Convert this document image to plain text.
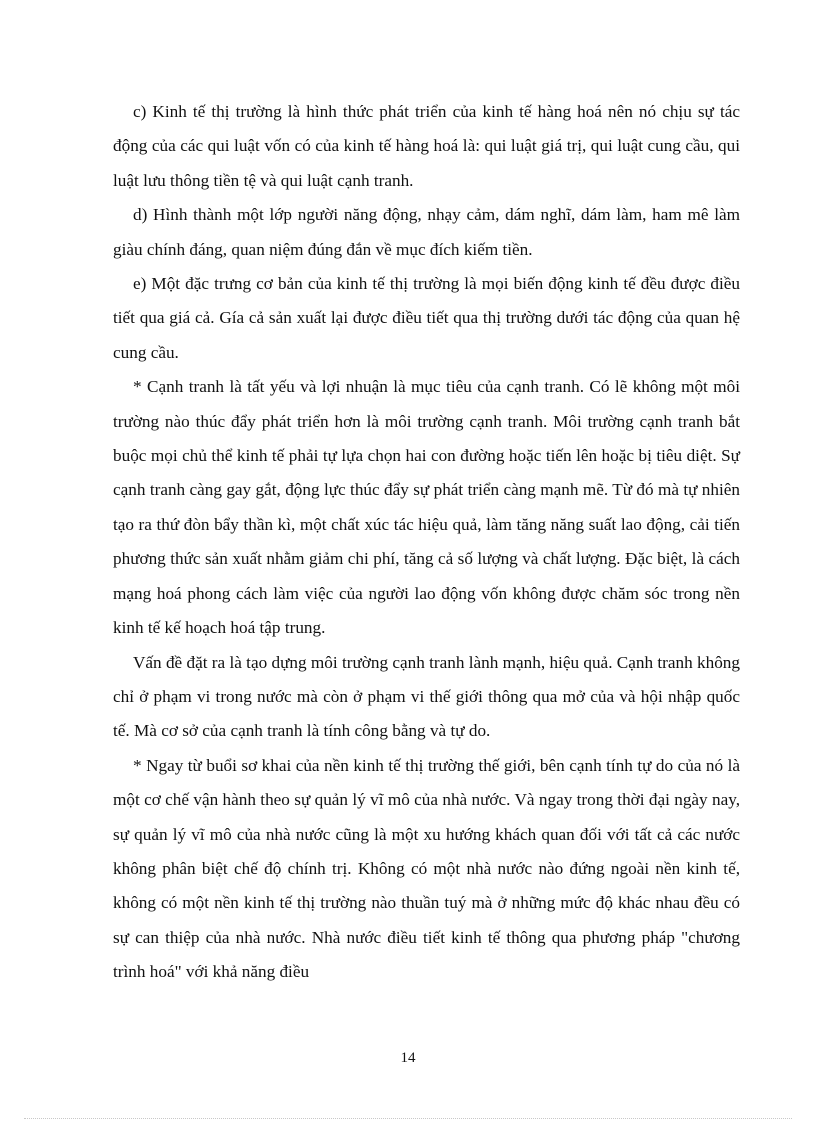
c) Kinh tế thị trường là hình thức phát triển của kinh tế hàng hoá nên nó chịu sự tác động của các qui luật vốn có của kinh tế hàng hoá là: qui luật giá trị, qui luật cung cầu, qui luật lưu thông tiền tệ và qui luật cạnh tranh.

d) Hình thành một lớp người năng động, nhạy cảm, dám nghĩ, dám làm, ham mê làm giàu chính đáng, quan niệm đúng đắn về mục đích kiếm tiền.

e) Một đặc trưng cơ bản của kinh tế thị trường là mọi biến động kinh tế đều được điều tiết qua giá cả. Gía cả sản xuất lại được điều tiết qua thị trường dưới tác động của quan hệ cung cầu.

* Cạnh tranh là tất yếu và lợi nhuận là mục tiêu của cạnh tranh. Có lẽ không một môi trường nào thúc đẩy phát triển hơn là môi trường cạnh tranh. Môi trường cạnh tranh bắt buộc mọi chủ thể kinh tế phải tự lựa chọn hai con đường hoặc tiến lên hoặc bị tiêu diệt. Sự cạnh tranh càng gay gắt, động lực thúc đẩy sự phát triển càng mạnh mẽ. Từ đó mà tự nhiên tạo ra thứ đòn bẩy thần kì, một chất xúc tác hiệu quả, làm tăng năng suất lao động, cải tiến phương thức sản xuất nhằm giảm chi phí, tăng cả số lượng và chất lượng. Đặc biệt, là cách mạng hoá phong cách làm việc của người lao động vốn không được chăm sóc trong nền kinh tế kế hoạch hoá tập trung.

Vấn đề đặt ra là tạo dựng môi trường cạnh tranh lành mạnh, hiệu quả. Cạnh tranh không chỉ ở phạm vi trong nước mà còn ở phạm vi thế giới thông qua mở của và hội nhập quốc tế. Mà cơ sở của cạnh tranh là tính công bằng và tự do.

* Ngay từ buổi sơ khai của nền kinh tế thị trường thế giới, bên cạnh tính tự do của nó là một cơ chế vận hành theo sự quản lý vĩ mô của nhà nước. Và ngay trong thời đại ngày nay, sự quản lý vĩ mô của nhà nước cũng là một xu hướng khách quan đối với tất cả các nước không phân biệt chế độ chính trị. Không có một nhà nước nào đứng ngoài nền kinh tế, không có một nền kinh tế thị trường nào thuần tuý mà ở những mức độ khác nhau đều có sự can thiệp của nhà nước. Nhà nước điều tiết kinh tế thông qua phương pháp "chương trình hoá" với khả năng điều

14
